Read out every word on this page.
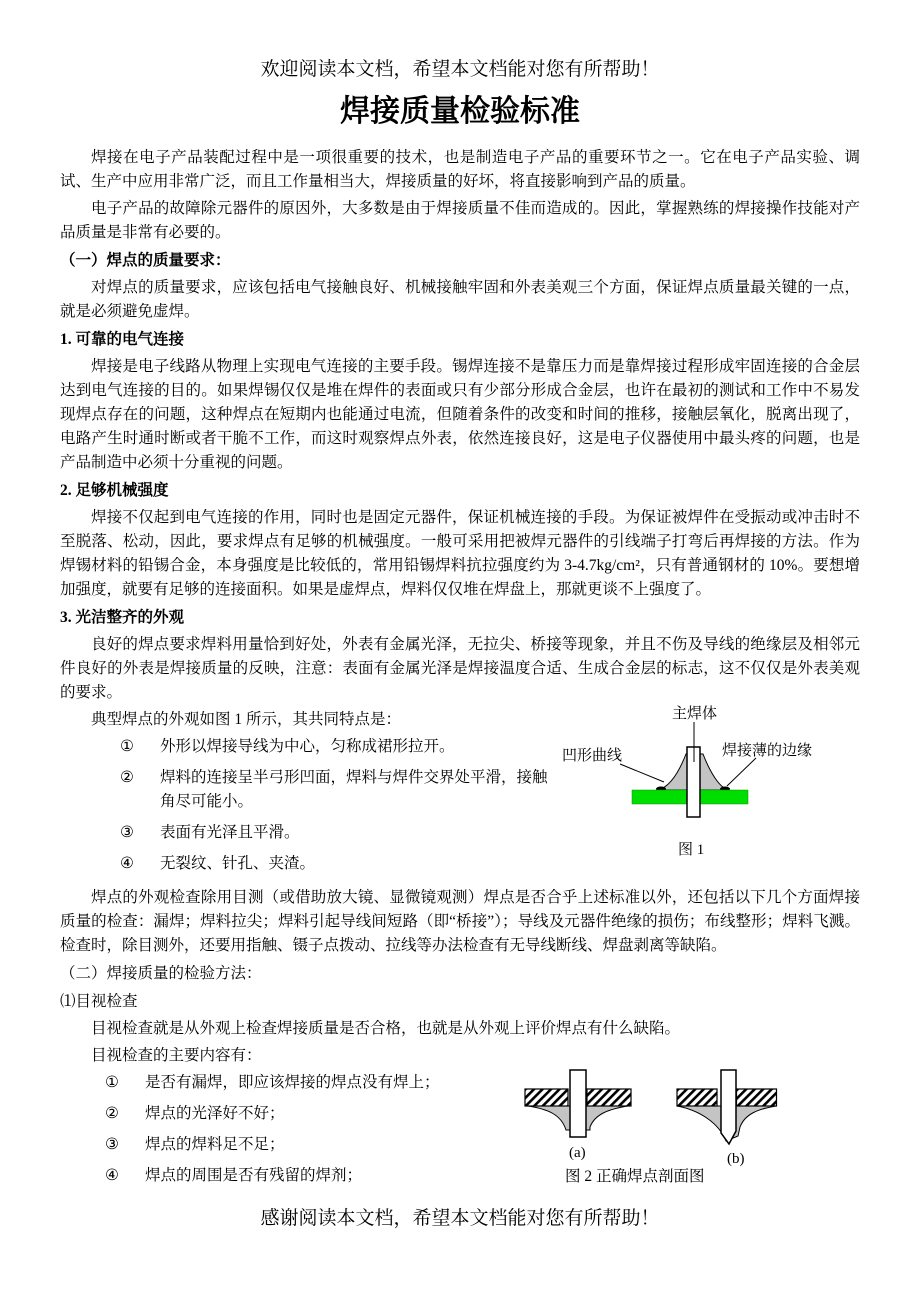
欢迎阅读本文档，希望本文档能对您有所帮助！
焊接质量检验标准

焊接在电子产品装配过程中是一项很重要的技术，也是制造电子产品的重要环节之一。它在电子产品实验、调试、生产中应用非常广泛，而且工作量相当大，焊接质量的好坏，将直接影响到产品的质量。

电子产品的故障除元器件的原因外，大多数是由于焊接质量不佳而造成的。因此，掌握熟练的焊接操作技能对产品质量是非常有必要的。

（一）焊点的质量要求：

对焊点的质量要求，应该包括电气接触良好、机械接触牢固和外表美观三个方面，保证焊点质量最关键的一点，就是必须避免虚焊。

1. 可靠的电气连接

焊接是电子线路从物理上实现电气连接的主要手段。锡焊连接不是靠压力而是靠焊接过程形成牢固连接的合金层达到电气连接的目的。如果焊锡仅仅是堆在焊件的表面或只有少部分形成合金层，也许在最初的测试和工作中不易发现焊点存在的问题，这种焊点在短期内也能通过电流，但随着条件的改变和时间的推移，接触层氧化，脱离出现了，电路产生时通时断或者干脆不工作，而这时观察焊点外表，依然连接良好，这是电子仪器使用中最头疼的问题，也是产品制造中必须十分重视的问题。

2. 足够机械强度

焊接不仅起到电气连接的作用，同时也是固定元器件，保证机械连接的手段。为保证被焊件在受振动或冲击时不至脱落、松动，因此，要求焊点有足够的机械强度。一般可采用把被焊元器件的引线端子打弯后再焊接的方法。作为焊锡材料的铅锡合金，本身强度是比较低的，常用铅锡焊料抗拉强度约为 3-4.7kg/cm²，只有普通钢材的 10%。要想增加强度，就要有足够的连接面积。如果是虚焊点，焊料仅仅堆在焊盘上，那就更谈不上强度了。

3. 光洁整齐的外观

良好的焊点要求焊料用量恰到好处，外表有金属光泽，无拉尖、桥接等现象，并且不伤及导线的绝缘层及相邻元件良好的外表是焊接质量的反映，注意：表面有金属光泽是焊接温度合适、生成合金层的标志，这不仅仅是外表美观的要求。

典型焊点的外观如图 1 所示，其共同特点是：

①	外形以焊接导线为中心，匀称成裙形拉开。
②	焊料的连接呈半弓形凹面，焊料与焊件交界处平滑，接触角尽可能小。
③	表面有光泽且平滑。
④	无裂纹、针孔、夹渣。
主焊体
凹形曲线	焊接薄的边缘
图 1

焊点的外观检查除用目测（或借助放大镜、显微镜观测）焊点是否合乎上述标准以外，还包括以下几个方面焊接质量的检查：漏焊；焊料拉尖；焊料引起导线间短路（即“桥接”）；导线及元器件绝缘的损伤；布线整形；焊料飞溅。检查时，除目测外，还要用指触、镊子点拨动、拉线等办法检查有无导线断线、焊盘剥离等缺陷。

（二）焊接质量的检验方法：
⑴目视检查

目视检查就是从外观上检查焊接质量是否合格，也就是从外观上评价焊点有什么缺陷。

目视检查的主要内容有：

①	是否有漏焊，即应该焊接的焊点没有焊上；
②	焊点的光泽好不好；
③	焊点的焊料足不足；
④	焊点的周围是否有残留的焊剂；
(a)	(b)
图 2 正确焊点剖面图
感谢阅读本文档，希望本文档能对您有所帮助！
